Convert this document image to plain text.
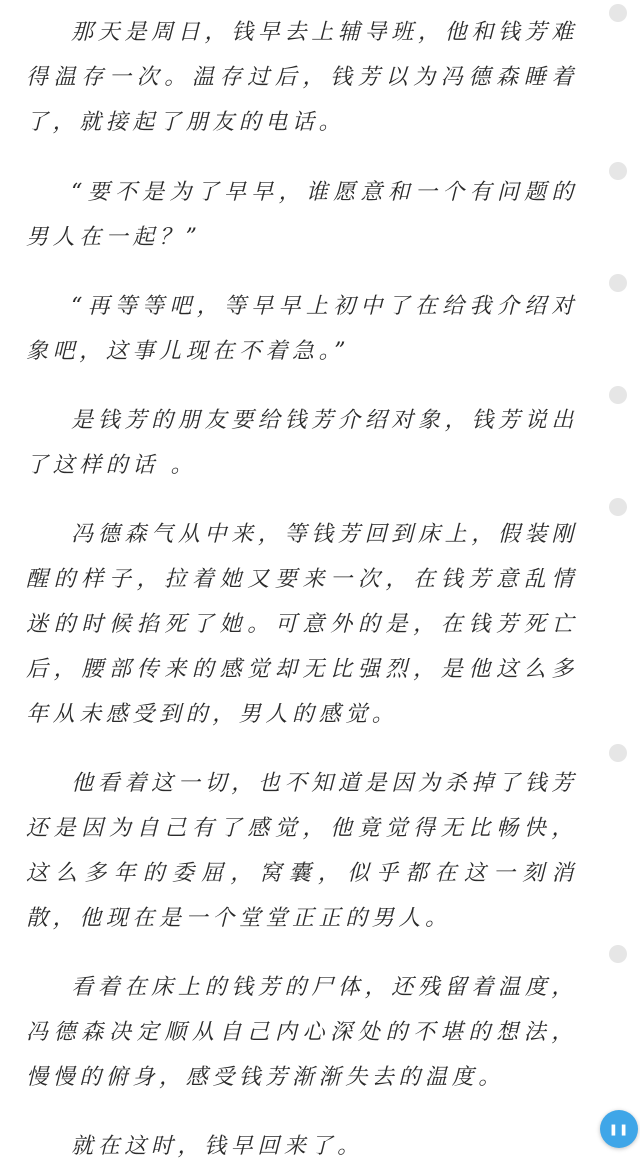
那天是周日，钱早去上辅导班，他和钱芳难得温存一次。温存过后，钱芳以为冯德森睡着了，就接起了朋友的电话。

“要不是为了早早，谁愿意和一个有问题的男人在一起？”

“再等等吧，等早早上初中了在给我介绍对象吧，这事儿现在不着急。”

是钱芳的朋友要给钱芳介绍对象，钱芳说出了这样的话 。

冯德森气从中来，等钱芳回到床上，假装刚醒的样子，拉着她又要来一次，在钱芳意乱情迷的时候掐死了她。可意外的是，在钱芳死亡后，腰部传来的感觉却无比强烈，是他这么多年从未感受到的，男人的感觉。

他看着这一切，也不知道是因为杀掉了钱芳还是因为自己有了感觉，他竟觉得无比畅快，这么多年的委屈，窝囊，似乎都在这一刻消散，他现在是一个堂堂正正的男人。

看着在床上的钱芳的尸体，还残留着温度，冯德森决定顺从自己内心深处的不堪的想法，慢慢的俯身，感受钱芳渐渐失去的温度。

就在这时，钱早回来了。

❚❚
